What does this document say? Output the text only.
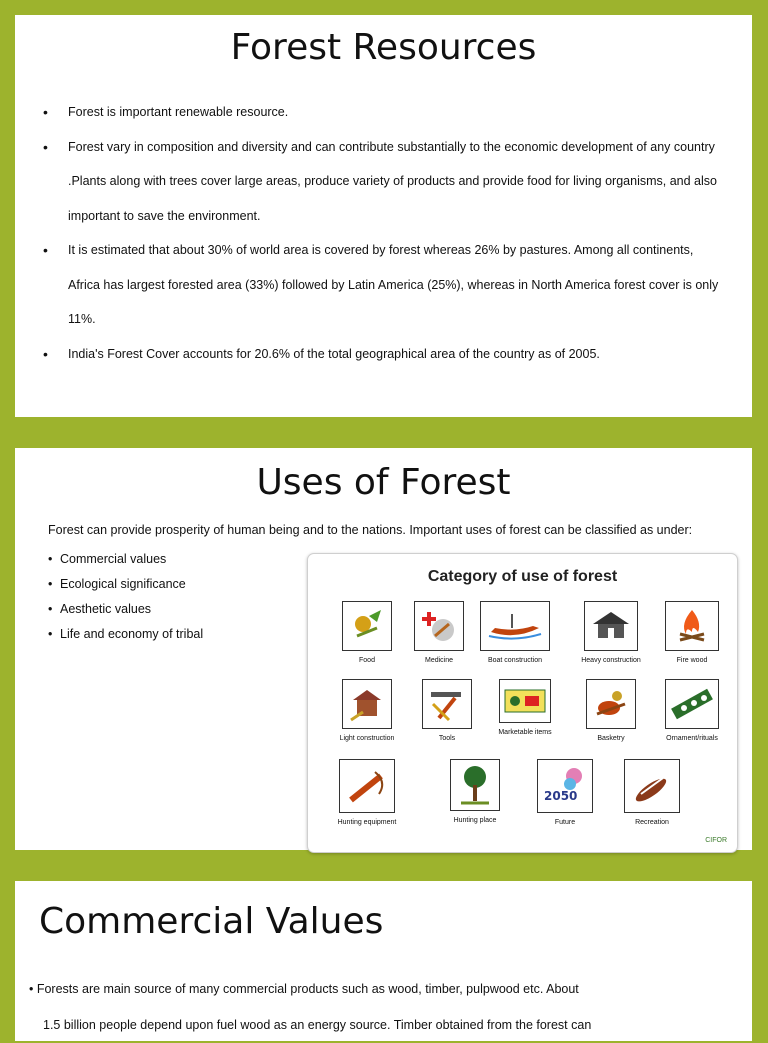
Forest Resources
• Forest is important renewable resource.
• Forest vary in composition and diversity and can contribute substantially to the economic development of any country .Plants along with trees cover large areas, produce variety of products and provide food for living organisms, and also important to save the environment.
• It is estimated that about 30% of world area is covered by forest whereas 26% by pastures. Among all continents, Africa has largest forested area (33%) followed by Latin America (25%), whereas in North America forest cover is only 11%.
• India's Forest Cover accounts for 20.6% of the total geographical area of the country as of 2005.
Uses of Forest

Forest can provide prosperity of human being and to the nations. Important uses of forest can be classified as under:

• Commercial values
• Ecological significance
• Aesthetic values
• Life and economy of tribal
Category of use of forest
Food	Medicine	Boat construction	Heavy construction	Fire wood
Light construction	Tools
Marketable items
Basketry	Ornament/rituals
Hunting equipment	Hunting place
2050
Future	Recreation
CIFOR
Commercial Values

• Forests are main source of many commercial products such as wood, timber, pulpwood etc. About
1.5 billion people depend upon fuel wood as an energy source. Timber obtained from the forest can
